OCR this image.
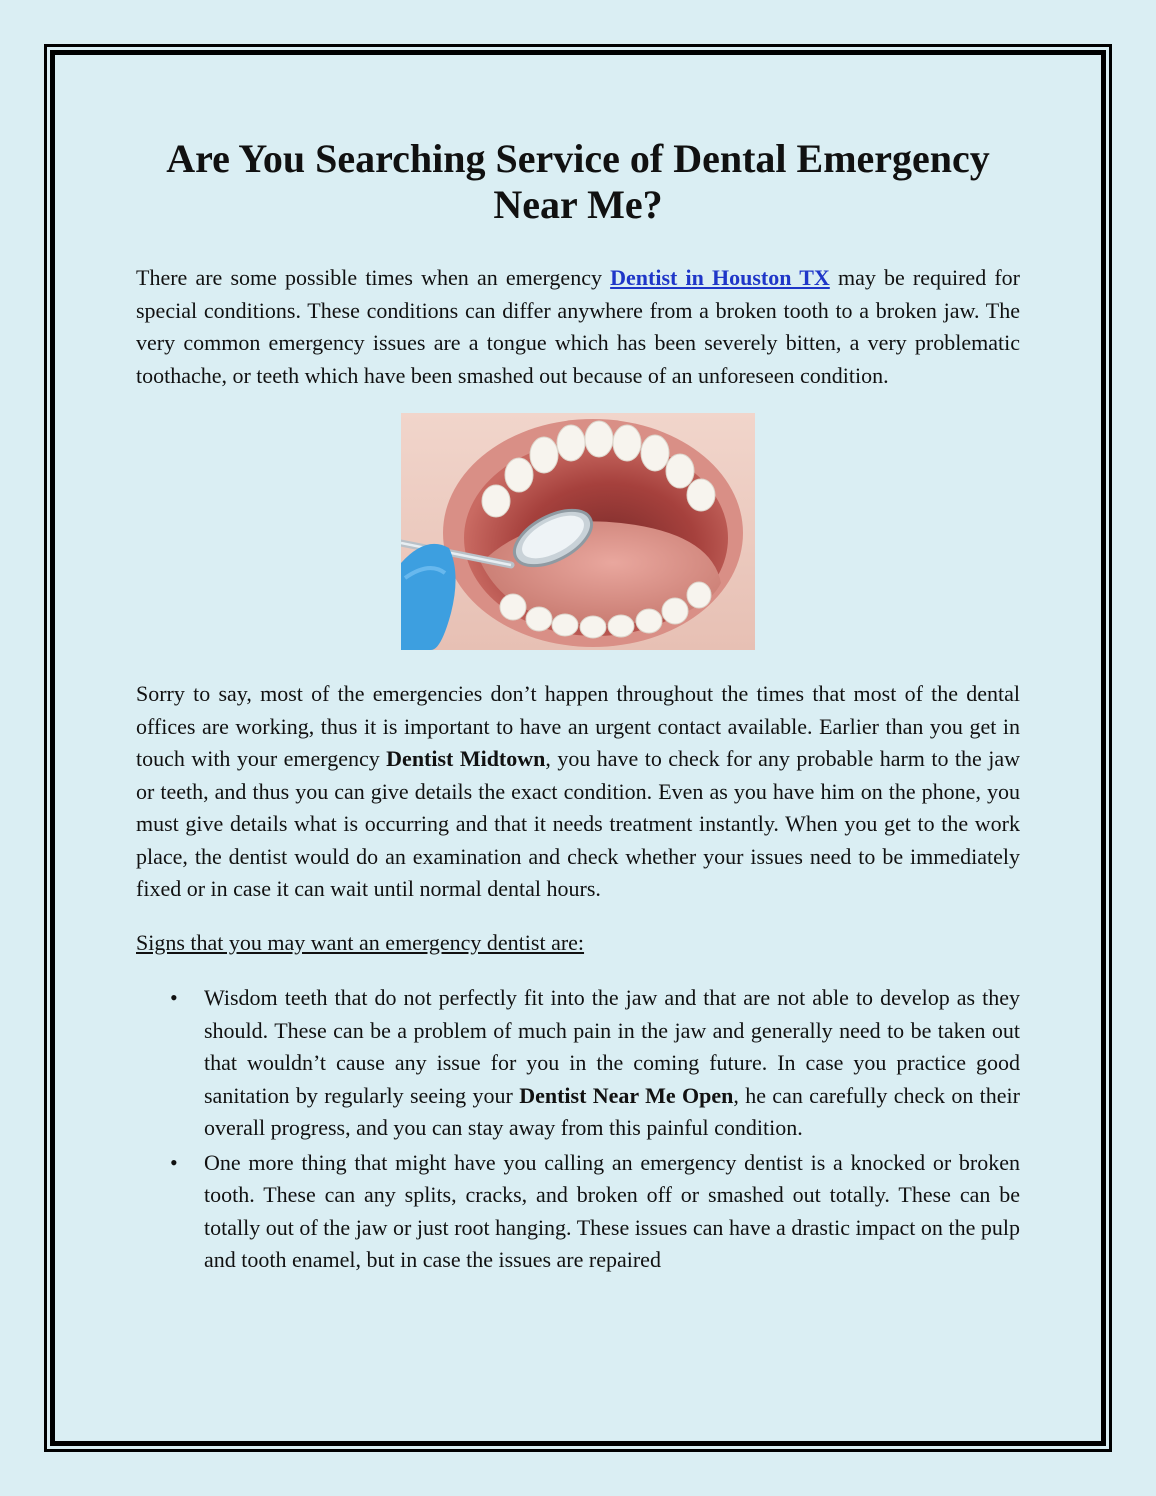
Are You Searching Service of Dental Emergency Near Me?

There are some possible times when an emergency Dentist in Houston TX may be required for special conditions. These conditions can differ anywhere from a broken tooth to a broken jaw. The very common emergency issues are a tongue which has been severely bitten, a very problematic toothache, or teeth which have been smashed out because of an unforeseen condition.

Sorry to say, most of the emergencies don’t happen throughout the times that most of the dental offices are working, thus it is important to have an urgent contact available. Earlier than you get in touch with your emergency Dentist Midtown, you have to check for any probable harm to the jaw or teeth, and thus you can give details the exact condition. Even as you have him on the phone, you must give details what is occurring and that it needs treatment instantly. When you get to the work place, the dentist would do an examination and check whether your issues need to be immediately fixed or in case it can wait until normal dental hours.

Signs that you may want an emergency dentist are:

• Wisdom teeth that do not perfectly fit into the jaw and that are not able to develop as they should. These can be a problem of much pain in the jaw and generally need to be taken out that wouldn’t cause any issue for you in the coming future. In case you practice good sanitation by regularly seeing your Dentist Near Me Open, he can carefully check on their overall progress, and you can stay away from this painful condition.
• One more thing that might have you calling an emergency dentist is a knocked or broken tooth. These can any splits, cracks, and broken off or smashed out totally. These can be totally out of the jaw or just root hanging. These issues can have a drastic impact on the pulp and tooth enamel, but in case the issues are repaired
